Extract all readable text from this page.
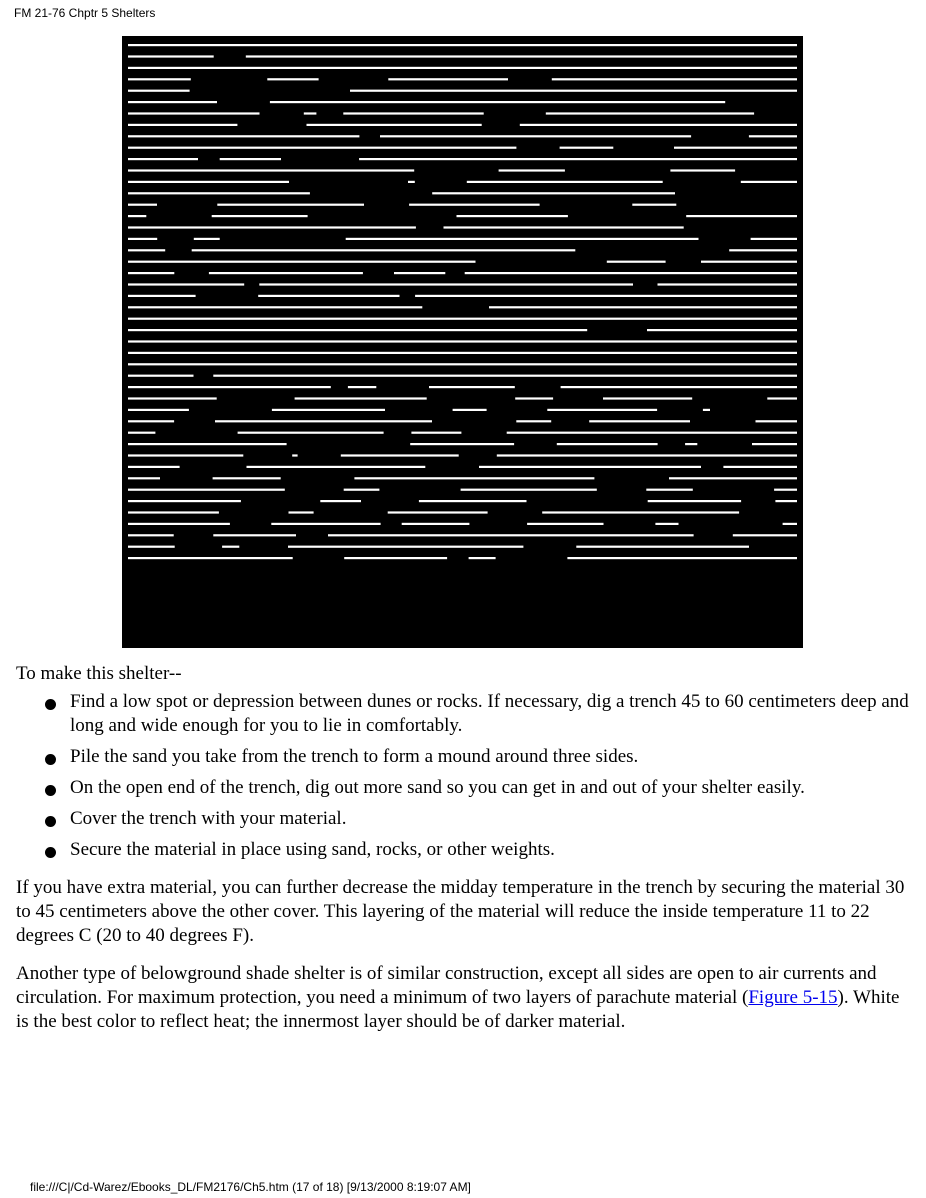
FM 21-76 Chptr 5 Shelters
To make this shelter--
Find a low spot or depression between dunes or rocks. If necessary, dig a trench 45 to 60 centimeters deep and long and wide enough for you to lie in comfortably.
Pile the sand you take from the trench to form a mound around three sides.
On the open end of the trench, dig out more sand so you can get in and out of your shelter easily.
Cover the trench with your material.
Secure the material in place using sand, rocks, or other weights.

If you have extra material, you can further decrease the midday temperature in the trench by securing the material 30 to 45 centimeters above the other cover. This layering of the material will reduce the inside temperature 11 to 22 degrees C (20 to 40 degrees F).

Another type of belowground shade shelter is of similar construction, except all sides are open to air currents and circulation. For maximum protection, you need a minimum of two layers of parachute material (Figure 5-15). White is the best color to reflect heat; the innermost layer should be of darker material.

file:///C|/Cd-Warez/Ebooks_DL/FM2176/Ch5.htm (17 of 18) [9/13/2000 8:19:07 AM]
